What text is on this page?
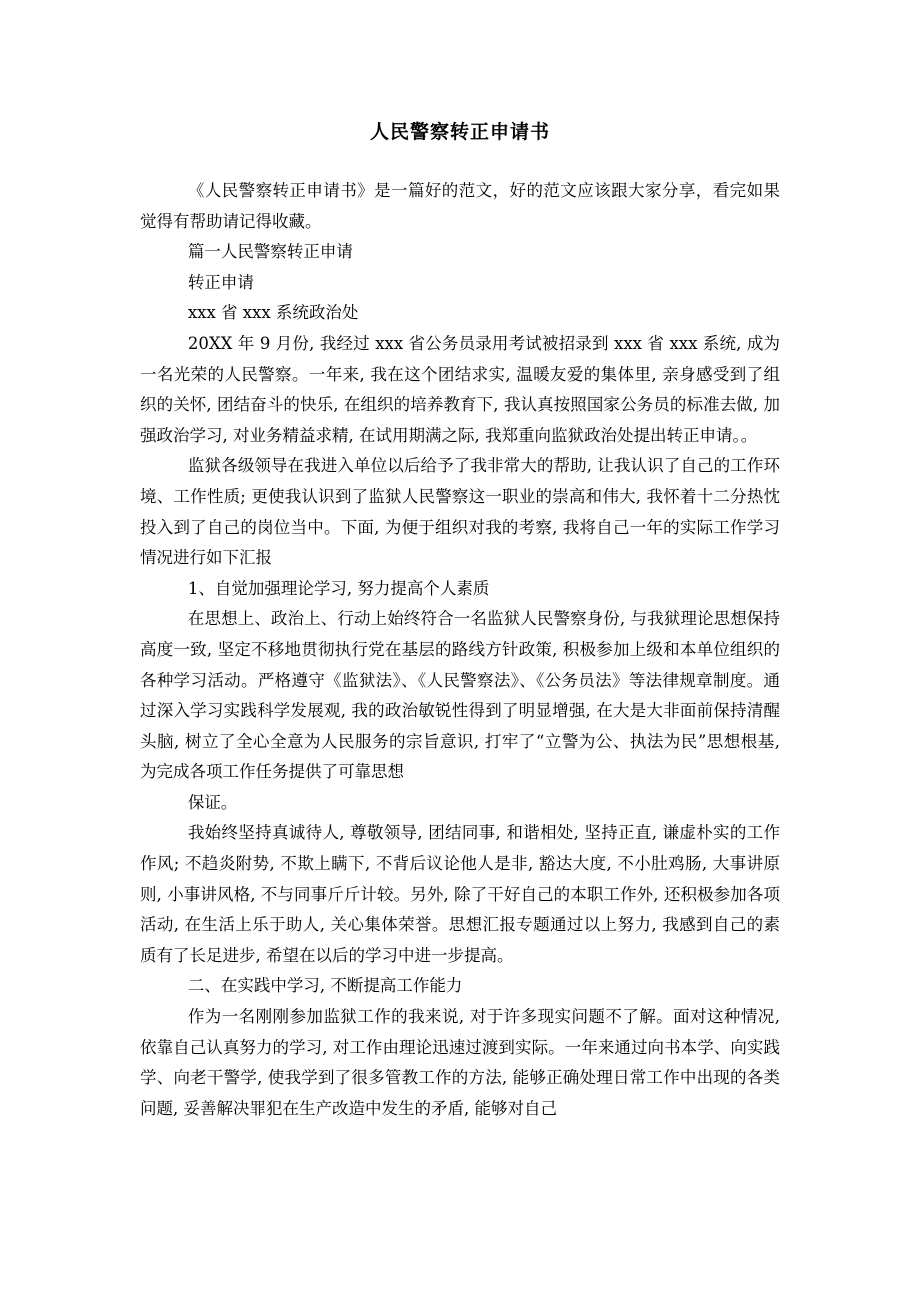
人民警察转正申请书

《人民警察转正申请书》是一篇好的范文，好的范文应该跟大家分享，看完如果觉得有帮助请记得收藏。

篇一人民警察转正申请

转正申请

xxx 省 xxx 系统政治处

20XX 年 9 月份, 我经过 xxx 省公务员录用考试被招录到 xxx 省 xxx 系统, 成为一名光荣的人民警察。一年来, 我在这个团结求实, 温暖友爱的集体里, 亲身感受到了组织的关怀, 团结奋斗的快乐, 在组织的培养教育下, 我认真按照国家公务员的标准去做, 加强政治学习, 对业务精益求精, 在试用期满之际, 我郑重向监狱政治处提出转正申请。。

监狱各级领导在我进入单位以后给予了我非常大的帮助, 让我认识了自己的工作环境、工作性质; 更使我认识到了监狱人民警察这一职业的崇高和伟大, 我怀着十二分热忱投入到了自己的岗位当中。下面, 为便于组织对我的考察, 我将自己一年的实际工作学习情况进行如下汇报

1、自觉加强理论学习, 努力提高个人素质

在思想上、政治上、行动上始终符合一名监狱人民警察身份, 与我狱理论思想保持高度一致, 坚定不移地贯彻执行党在基层的路线方针政策, 积极参加上级和本单位组织的各种学习活动。严格遵守《监狱法》、《人民警察法》、《公务员法》等法律规章制度。通过深入学习实践科学发展观, 我的政治敏锐性得到了明显增强, 在大是大非面前保持清醒头脑, 树立了全心全意为人民服务的宗旨意识, 打牢了“立警为公、执法为民”思想根基, 为完成各项工作任务提供了可靠思想

保证。

我始终坚持真诚待人, 尊敬领导, 团结同事, 和谐相处, 坚持正直, 谦虚朴实的工作作风; 不趋炎附势, 不欺上瞒下, 不背后议论他人是非, 豁达大度, 不小肚鸡肠, 大事讲原则, 小事讲风格, 不与同事斤斤计较。另外, 除了干好自己的本职工作外, 还积极参加各项活动, 在生活上乐于助人, 关心集体荣誉。思想汇报专题通过以上努力, 我感到自己的素质有了长足进步, 希望在以后的学习中进一步提高。

二、在实践中学习, 不断提高工作能力

作为一名刚刚参加监狱工作的我来说, 对于许多现实问题不了解。面对这种情况, 依靠自己认真努力的学习, 对工作由理论迅速过渡到实际。一年来通过向书本学、向实践学、向老干警学, 使我学到了很多管教工作的方法, 能够正确处理日常工作中出现的各类问题, 妥善解决罪犯在生产改造中发生的矛盾, 能够对自己
